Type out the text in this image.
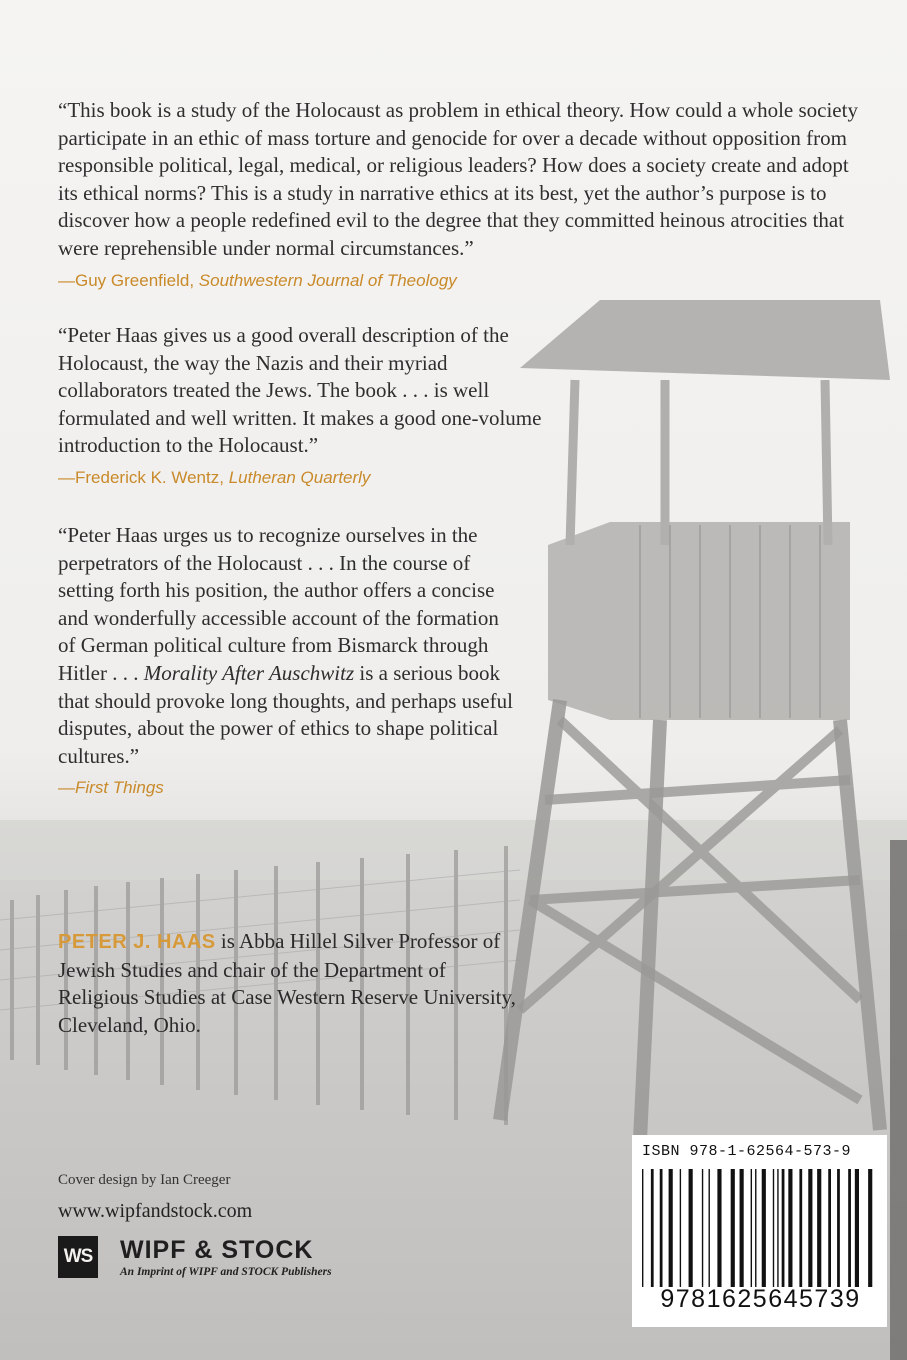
“This book is a study of the Holocaust as problem in ethical theory. How could a whole society participate in an ethic of mass torture and genocide for over a decade without opposition from responsible political, legal, medical, or religious leaders? How does a society create and adopt its ethical norms? This is a study in narrative ethics at its best, yet the author’s purpose is to discover how a people redefined evil to the degree that they committed heinous atrocities that were reprehensible under normal circumstances.”

—Guy Greenfield, Southwestern Journal of Theology

“Peter Haas gives us a good overall description of the Holocaust, the way the Nazis and their myriad collaborators treated the Jews. The book . . . is well formulated and well written. It makes a good one-volume introduction to the Holocaust.”

—Frederick K. Wentz, Lutheran Quarterly

“Peter Haas urges us to recognize ourselves in the perpetrators of the Holocaust . . . In the course of setting forth his position, the author offers a concise and wonderfully accessible account of the formation of German political culture from Bismarck through Hitler . . . Morality After Auschwitz is a serious book that should provoke long thoughts, and perhaps useful disputes, about the power of ethics to shape political cultures.”

—First Things
PETER J. HAAS is Abba Hillel Silver Professor of Jewish Studies and chair of the Department of Religious Studies at Case Western Reserve University, Cleveland, Ohio.
Cover design by Ian Creeger
www.wipfandstock.com
WS WIPF & STOCK
An Imprint of WIPF and STOCK Publishers
ISBN 978-1-62564-573-9
9781625645739
